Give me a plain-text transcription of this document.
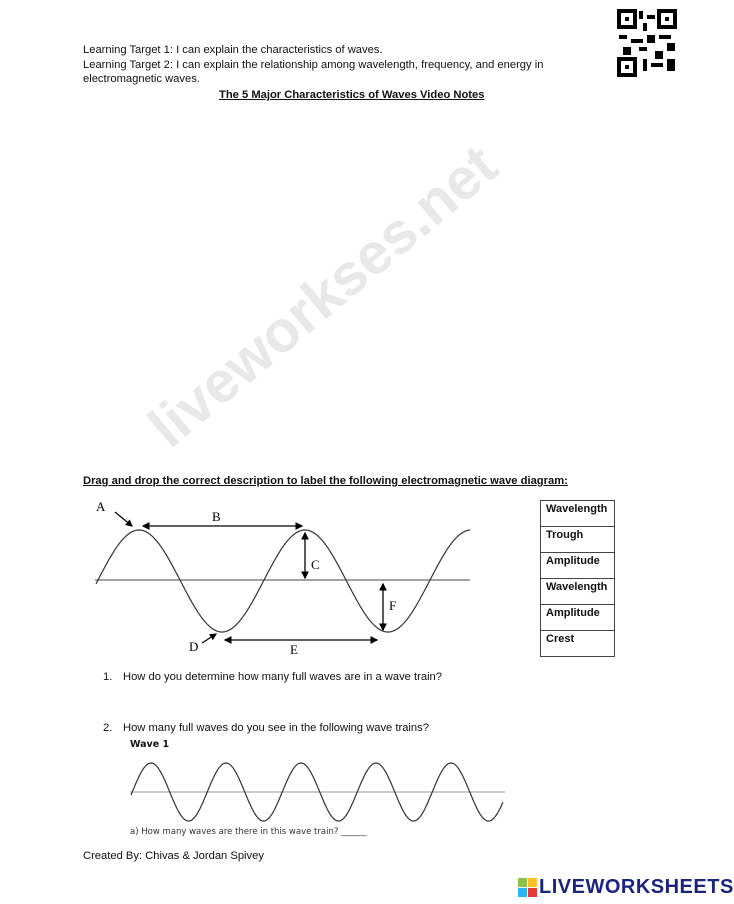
liveworkses.net
Learning Target 1: I can explain the characteristics of waves.
Learning Target 2: I can explain the relationship among wavelength, frequency, and energy in
electromagnetic waves.
The 5 Major Characteristics of Waves Video Notes
Drag and drop the correct description to label the following electromagnetic wave diagram:
A
B
C
D	E
F
Wavelength
Trough
Amplitude
Wavelength
Amplitude
Crest
1. How do you determine how many full waves are in a wave train?
2. How many full waves do you see in the following wave trains?
Wave 1
a) How many waves are there in this wave train? ______
Created By: Chivas & Jordan Spivey
LIVEWORKSHEETS
